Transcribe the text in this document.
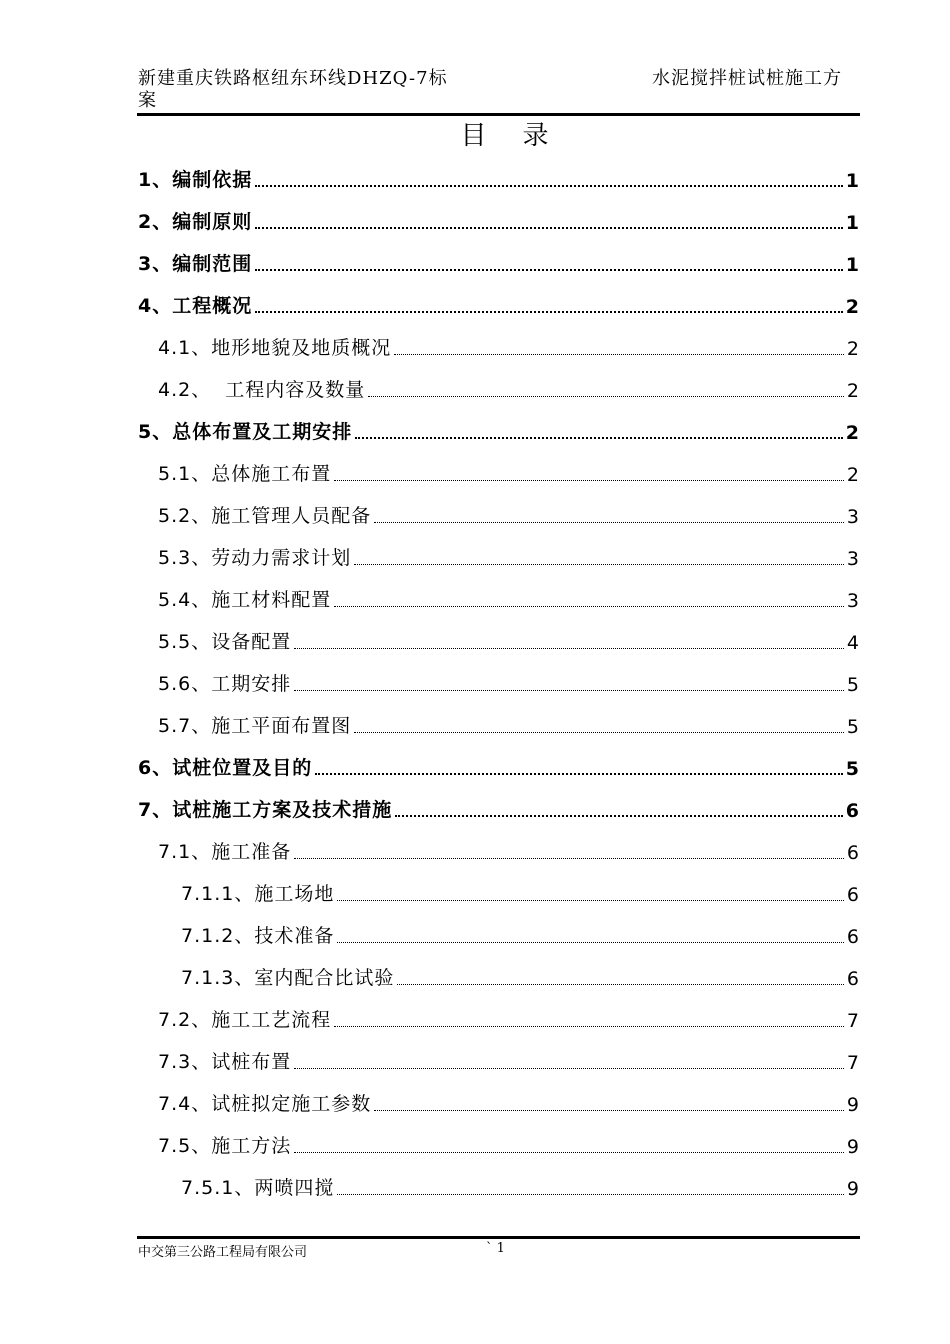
新建重庆铁路枢纽东环线DHZQ-7标案
水泥搅拌桩试桩施工方
目录
1、编制依据	1
2、编制原则	1
3、编制范围	1
4、工程概况	2
4.1、地形地貌及地质概况	2
4.2、  工程内容及数量	2
5、总体布置及工期安排	2
5.1、总体施工布置	2
5.2、施工管理人员配备	3
5.3、劳动力需求计划	3
5.4、施工材料配置	3
5.5、设备配置	4
5.6、工期安排	5
5.7、施工平面布置图	5
6、试桩位置及目的	5
7、试桩施工方案及技术措施	6
7.1、施工准备	6
7.1.1、施工场地	6
7.1.2、技术准备	6
7.1.3、室内配合比试验	6
7.2、施工工艺流程	7
7.3、试桩布置	7
7.4、试桩拟定施工参数	9
7.5、施工方法	9
7.5.1、两喷四搅	9
中交第三公路工程局有限公司	` 1
